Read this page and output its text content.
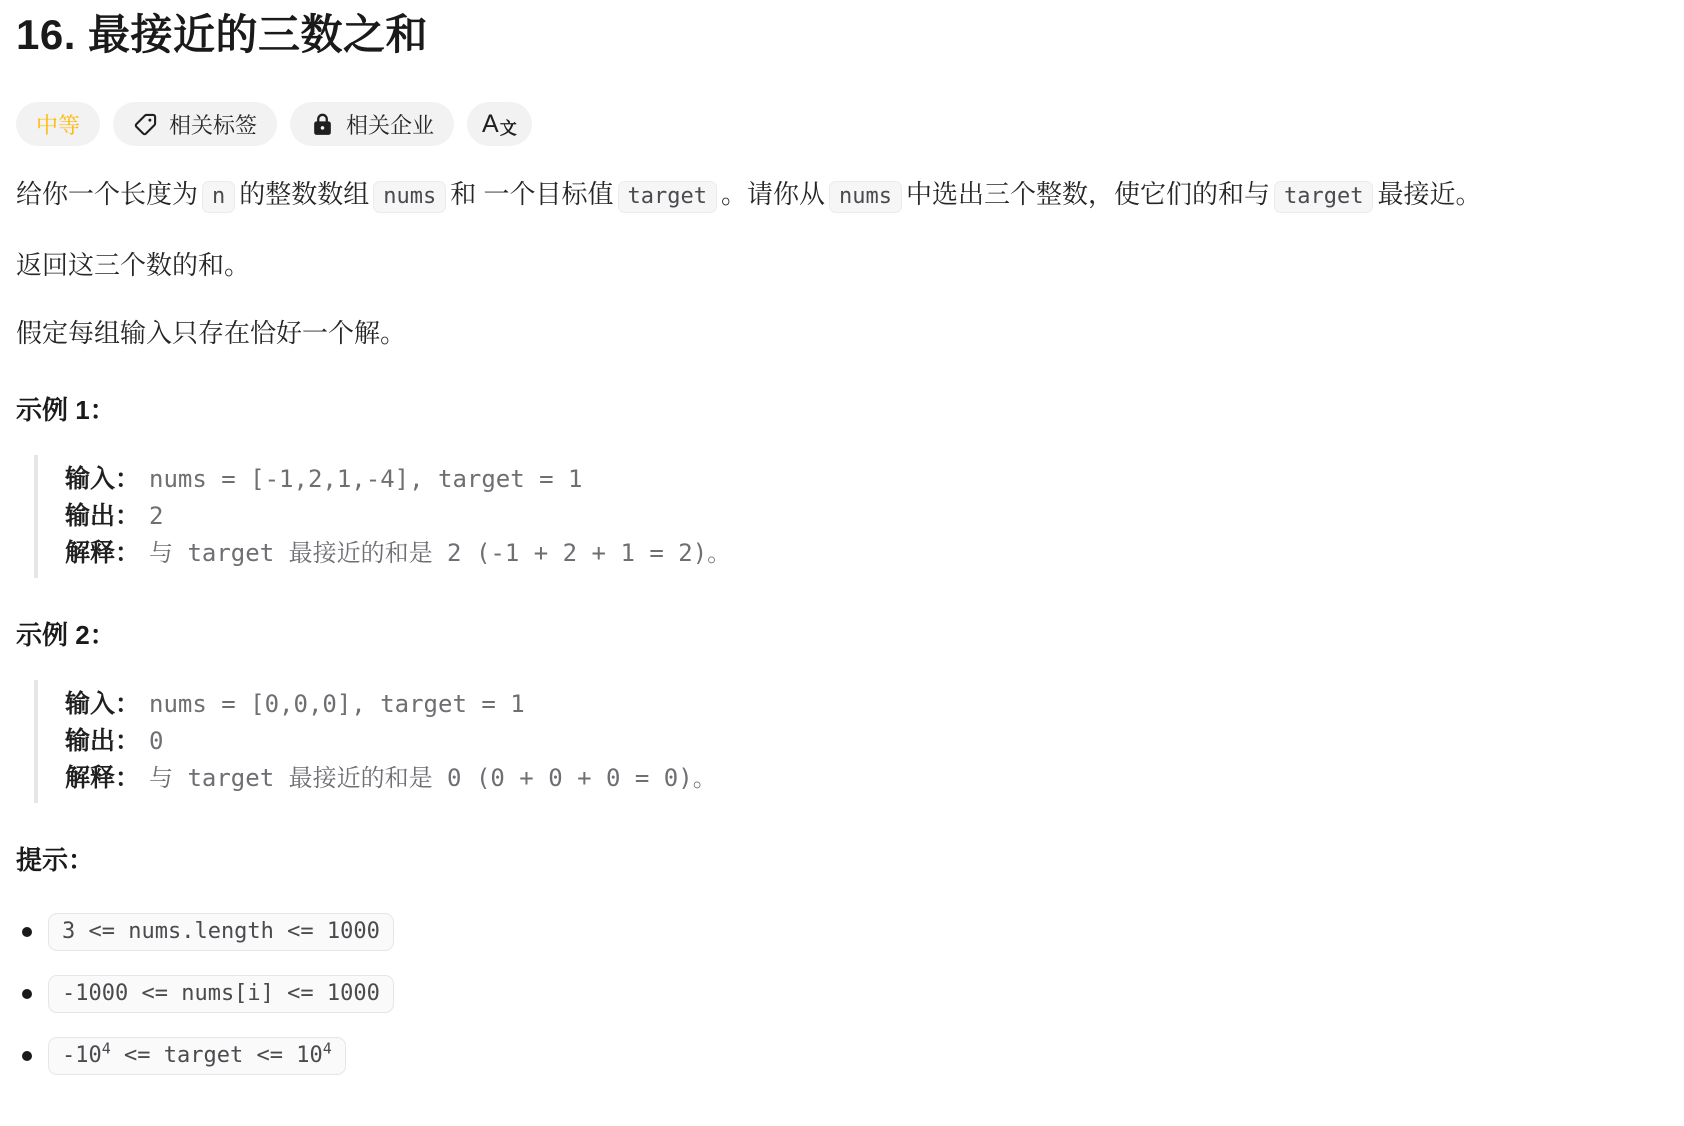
16. 最接近的三数之和
中等	相关标签	相关企业 A 文

给你一个长度为 n 的整数数组 nums 和 一个目标值 target 。请你从 nums 中选出三个整数，使它们的和与 target 最接近。

返回这三个数的和。

假定每组输入只存在恰好一个解。

示例 1：
输入： nums = [-1,2,1,-4], target = 1
输出： 2
解释： 与 target 最接近的和是 2 (-1 + 2 + 1 = 2)。
示例 2：
输入： nums = [0,0,0], target = 1
输出： 0
解释： 与 target 最接近的和是 0 (0 + 0 + 0 = 0)。
提示：
3 <= nums.length <= 1000
-1000 <= nums[i] <= 1000
$-10^4$ <= target <= $10^4$
